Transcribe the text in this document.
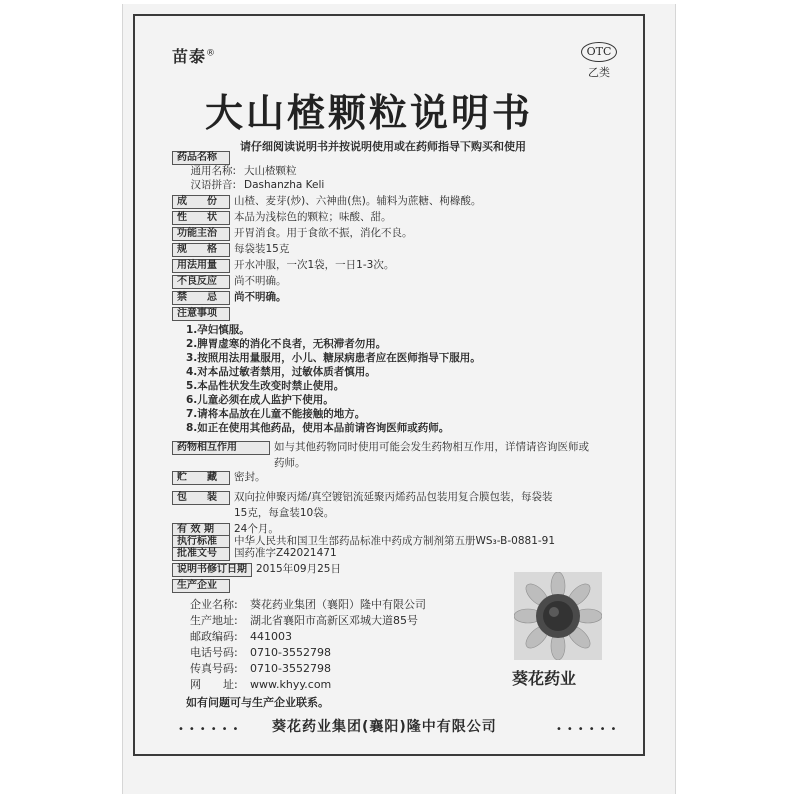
苗泰®	OTC
乙类
大山楂颗粒说明书
请仔细阅读说明书并按说明使用或在药师指导下购买和使用
药品名称
通用名称: 大山楂颗粒
汉语拼音: Dashanzha Keli
成　　份 山楂、麦芽(炒)、六神曲(焦)。辅料为蔗糖、枸橼酸。
性　　状 本品为浅棕色的颗粒；味酸、甜。
功能主治 开胃消食。用于食欲不振，消化不良。
规　　格 每袋装15克
用法用量 开水冲服，一次1袋，一日1-3次。
不良反应 尚不明确。
禁　　忌 尚不明确。
注意事项
1.孕妇慎服。
2.脾胃虚寒的消化不良者，无积滞者勿用。
3.按照用法用量服用，小儿、糖尿病患者应在医师指导下服用。
4.对本品过敏者禁用，过敏体质者慎用。
5.本品性状发生改变时禁止使用。
6.儿童必须在成人监护下使用。
7.请将本品放在儿童不能接触的地方。
8.如正在使用其他药品，使用本品前请咨询医师或药师。
药物相互作用	如与其他药物同时使用可能会发生药物相互作用，详情请咨询医师或
药师。
贮　　藏 密封。
包　　装 双向拉伸聚丙烯/真空镀铝流延聚丙烯药品包装用复合膜包装，每袋装
15克，每盒装10袋。
有 效 期 24个月。
执行标准 中华人民共和国卫生部药品标准中药成方制剂第五册WS₃-B-0881-91
批准文号 国药准字Z42021471
说明书修订日期 2015年09月25日
生产企业
企业名称: 葵花药业集团（襄阳）隆中有限公司
生产地址: 湖北省襄阳市高新区邓城大道85号
邮政编码: 441003
电话号码: 0710-3552798
传真号码: 0710-3552798
网　　址: www.khyy.com
如有问题可与生产企业联系。
葵花药业
•••••• 葵花药业集团(襄阳)隆中有限公司	••••••
